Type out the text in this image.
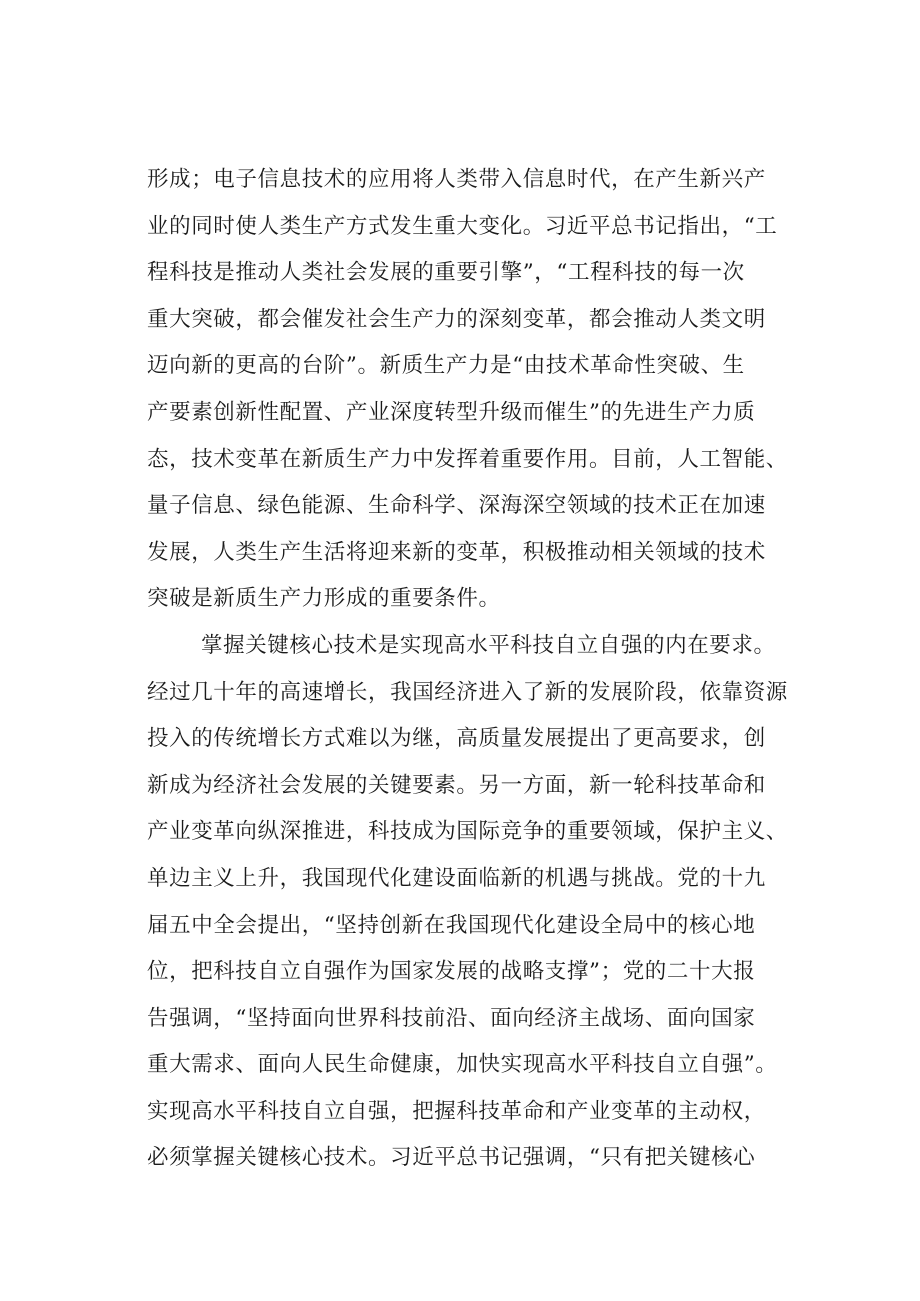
形成；电子信息技术的应用将人类带入信息时代，在产生新兴产
业的同时使人类生产方式发生重大变化。习近平总书记指出，“工
程科技是推动人类社会发展的重要引擎”，“工程科技的每一次
重大突破，都会催发社会生产力的深刻变革，都会推动人类文明
迈向新的更高的台阶”。新质生产力是“由技术革命性突破、生
产要素创新性配置、产业深度转型升级而催生”的先进生产力质
态，技术变革在新质生产力中发挥着重要作用。目前，人工智能、
量子信息、绿色能源、生命科学、深海深空领域的技术正在加速
发展，人类生产生活将迎来新的变革，积极推动相关领域的技术
突破是新质生产力形成的重要条件。
掌握关键核心技术是实现高水平科技自立自强的内在要求。
经过几十年的高速增长，我国经济进入了新的发展阶段，依靠资源
投入的传统增长方式难以为继，高质量发展提出了更高要求，创
新成为经济社会发展的关键要素。另一方面，新一轮科技革命和
产业变革向纵深推进，科技成为国际竞争的重要领域，保护主义、
单边主义上升，我国现代化建设面临新的机遇与挑战。党的十九
届五中全会提出，“坚持创新在我国现代化建设全局中的核心地
位，把科技自立自强作为国家发展的战略支撑”；党的二十大报
告强调，“坚持面向世界科技前沿、面向经济主战场、面向国家
重大需求、面向人民生命健康，加快实现高水平科技自立自强”。
实现高水平科技自立自强，把握科技革命和产业变革的主动权，
必须掌握关键核心技术。习近平总书记强调，“只有把关键核心
